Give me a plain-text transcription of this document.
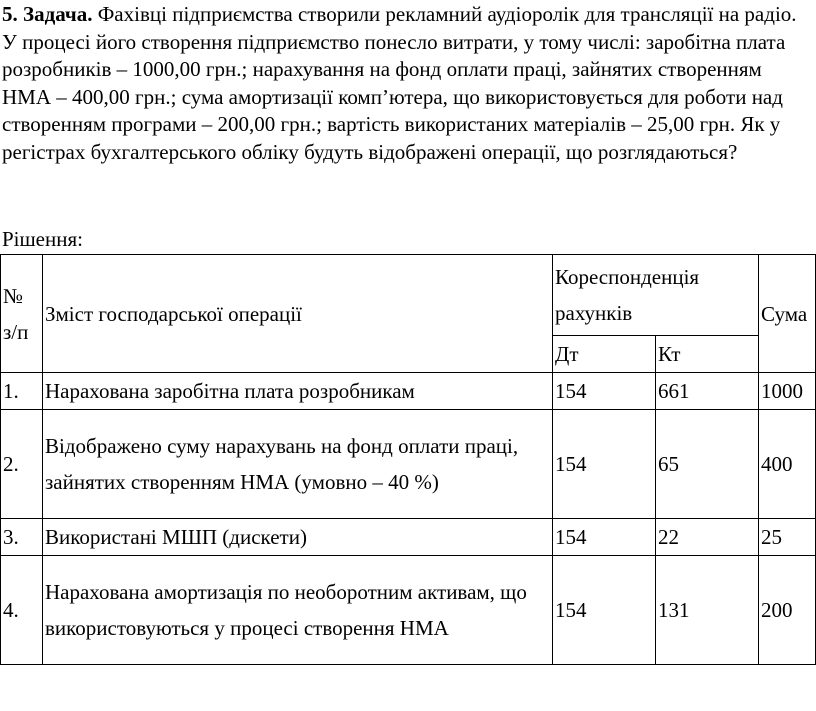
5. Задача. Фахівці підприємства створили рекламний аудіоролік для трансляції на радіо. У процесі його створення підприємство понесло витрати, у тому числі: заробітна плата розробників – 1000,00 грн.; нарахування на фонд оплати праці, зайнятих створенням НМА – 400,00 грн.; сума амортизації комп’ютера, що використовується для роботи над створенням програми – 200,00 грн.; вартість використаних матеріалів – 25,00 грн. Як у регістрах бухгалтерського обліку будуть відображені операції, що розглядаються?

Рішення:

№ з/п	Зміст господарської операції	Кореспонденція рахунків		Сума
		Дт	Кт	
1.	Нарахована заробітна плата розробникам	154	661	1000
2.	Відображено суму нарахувань на фонд оплати праці, зайнятих створенням НМА (умовно – 40 %)	154	65	400
3.	Використані МШП (дискети)	154	22	25
4.	Нарахована амортизація по необоротним активам, що використовуються у процесі створення НМА	154	131	200
